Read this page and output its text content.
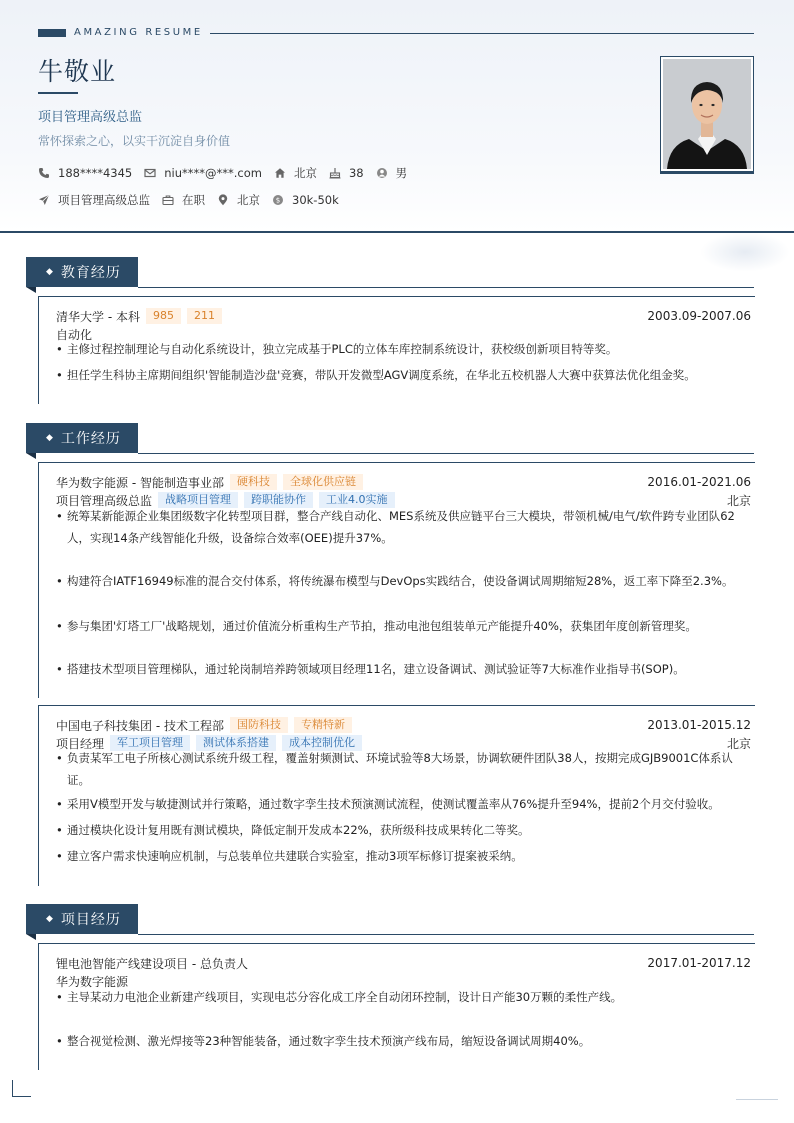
AMAZING RESUME
牛敬业
项目管理高级总监
常怀探索之心，以实干沉淀自身价值
188****4345	niu****@***.com	北京	38	男
项目管理高级总监	在职	北京 $ 30k-50k
◆ 教育经历
清华大学 - 本科	985	211	2003.09-2007.06
自动化
• 主修过程控制理论与自动化系统设计，独立完成基于PLC的立体车库控制系统设计，获校级创新项目特等奖。
• 担任学生科协主席期间组织'智能制造沙盘'竞赛，带队开发微型AGV调度系统，在华北五校机器人大赛中获算法优化组金奖。
◆ 工作经历
华为数字能源 - 智能制造事业部	硬科技	全球化供应链	2016.01-2021.06
项目管理高级总监	战略项目管理	跨职能协作	工业4.0实施	北京
• 统筹某新能源企业集团级数字化转型项目群，整合产线自动化、MES系统及供应链平台三大模块，带领机械/电气/软件跨专业团队62人，实现14条产线智能化升级，设备综合效率(OEE)提升37%。
• 构建符合IATF16949标准的混合交付体系，将传统瀑布模型与DevOps实践结合，使设备调试周期缩短28%，返工率下降至2.3%。
• 参与集团'灯塔工厂'战略规划，通过价值流分析重构生产节拍，推动电池包组装单元产能提升40%，获集团年度创新管理奖。
• 搭建技术型项目管理梯队，通过轮岗制培养跨领域项目经理11名，建立设备调试、测试验证等7大标准作业指导书(SOP)。
中国电子科技集团 - 技术工程部	国防科技	专精特新	2013.01-2015.12
项目经理	军工项目管理	测试体系搭建	成本控制优化	北京
• 负责某军工电子所核心测试系统升级工程，覆盖射频测试、环境试验等8大场景，协调软硬件团队38人，按期完成GJB9001C体系认证。
• 采用V模型开发与敏捷测试并行策略，通过数字孪生技术预演测试流程，使测试覆盖率从76%提升至94%，提前2个月交付验收。
• 通过模块化设计复用既有测试模块，降低定制开发成本22%，获所级科技成果转化二等奖。
• 建立客户需求快速响应机制，与总装单位共建联合实验室，推动3项军标修订提案被采纳。
◆ 项目经历
锂电池智能产线建设项目 - 总负责人	2017.01-2017.12
华为数字能源
• 主导某动力电池企业新建产线项目，实现电芯分容化成工序全自动闭环控制，设计日产能30万颗的柔性产线。
• 整合视觉检测、激光焊接等23种智能装备，通过数字孪生技术预演产线布局，缩短设备调试周期40%。
